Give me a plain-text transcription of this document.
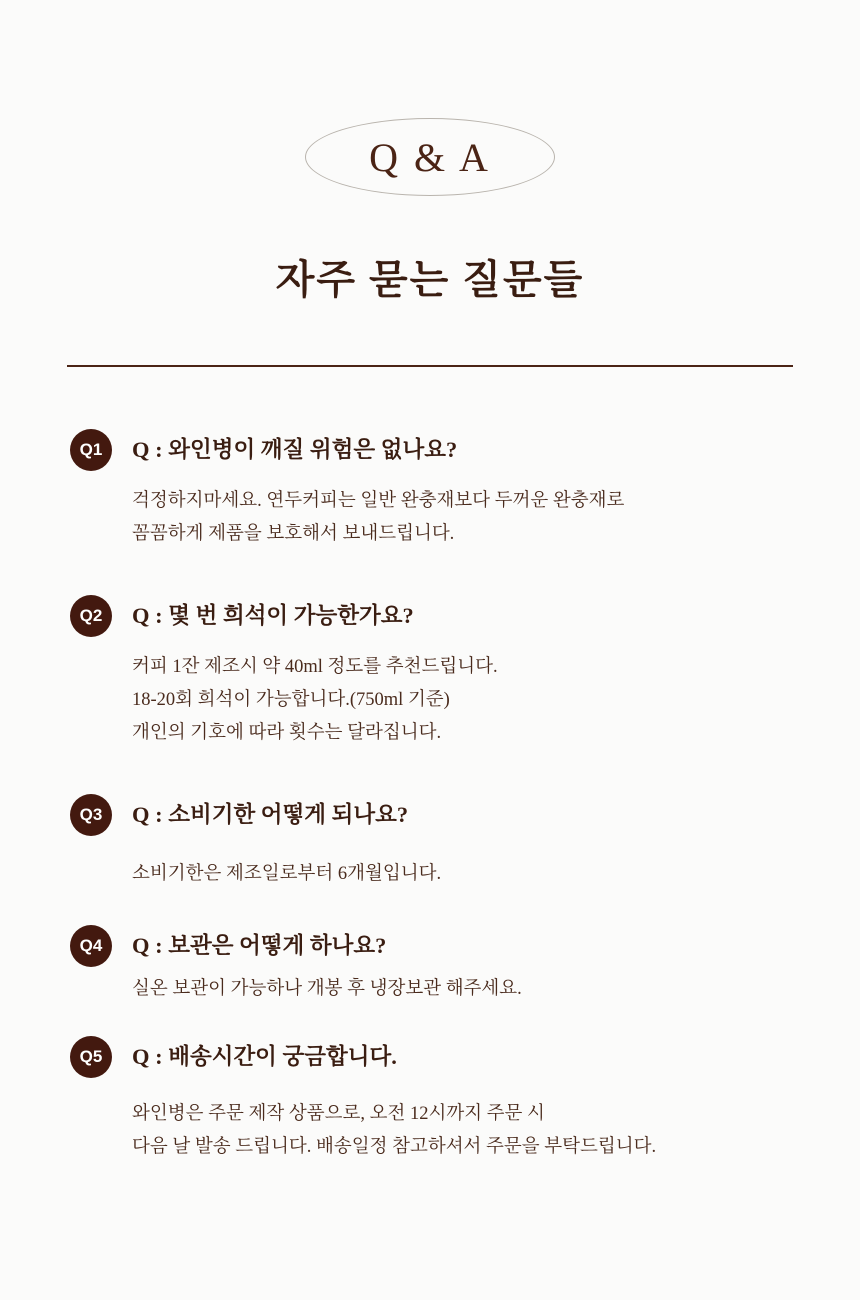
Q & A
자주 묻는 질문들
Q1	Q : 와인병이 깨질 위험은 없나요?

걱정하지마세요. 연두커피는 일반 완충재보다 두꺼운 완충재로
꼼꼼하게 제품을 보호해서 보내드립니다.

Q2	Q : 몇 번 희석이 가능한가요?

커피 1잔 제조시 약 40ml 정도를 추천드립니다.
18-20회 희석이 가능합니다.(750ml 기준)
개인의 기호에 따라 횟수는 달라집니다.

Q3	Q : 소비기한 어떻게 되나요?

소비기한은 제조일로부터 6개월입니다.

Q4	Q : 보관은 어떻게 하나요?

실온 보관이 가능하나 개봉 후 냉장보관 해주세요.

Q5	Q : 배송시간이 궁금합니다.

와인병은 주문 제작 상품으로, 오전 12시까지 주문 시
다음 날 발송 드립니다. 배송일정 참고하셔서 주문을 부탁드립니다.
